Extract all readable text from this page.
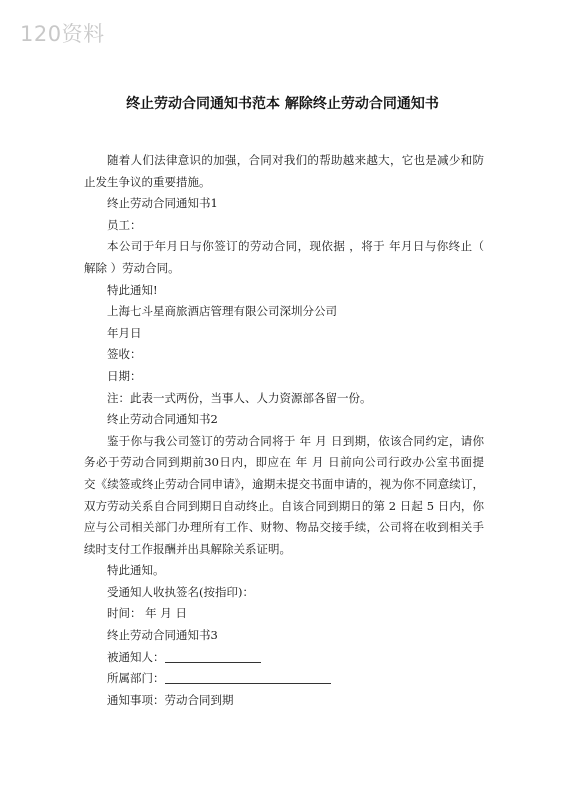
120资料
终止劳动合同通知书范本 解除终止劳动合同通知书

随着人们法律意识的加强，合同对我们的帮助越来越大，它也是减少和防

止发生争议的重要措施。

终止劳动合同通知书1

员工：

本公司于年月日与你签订的劳动合同，现依据 ，将于 年月日与你终止（

解除 ）劳动合同。

特此通知!

上海七斗星商旅酒店管理有限公司深圳分公司

年月日

签收：

日期：

注：此表一式两份，当事人、人力资源部各留一份。

终止劳动合同通知书2

鉴于你与我公司签订的劳动合同将于 年 月 日到期，依该合同约定，请你

务必于劳动合同到期前30日内，即应在 年 月 日前向公司行政办公室书面提

交《续签或终止劳动合同申请》，逾期未提交书面申请的，视为你不同意续订，

双方劳动关系自合同到期日自动终止。自该合同到期日的第 2 日起 5 日内，你

应与公司相关部门办理所有工作、财物、物品交接手续，公司将在收到相关手

续时支付工作报酬并出具解除关系证明。

特此通知。

受通知人收执签名(按指印)：

时间： 年 月 日

终止劳动合同通知书3

被通知人：

所属部门：

通知事项：劳动合同到期
